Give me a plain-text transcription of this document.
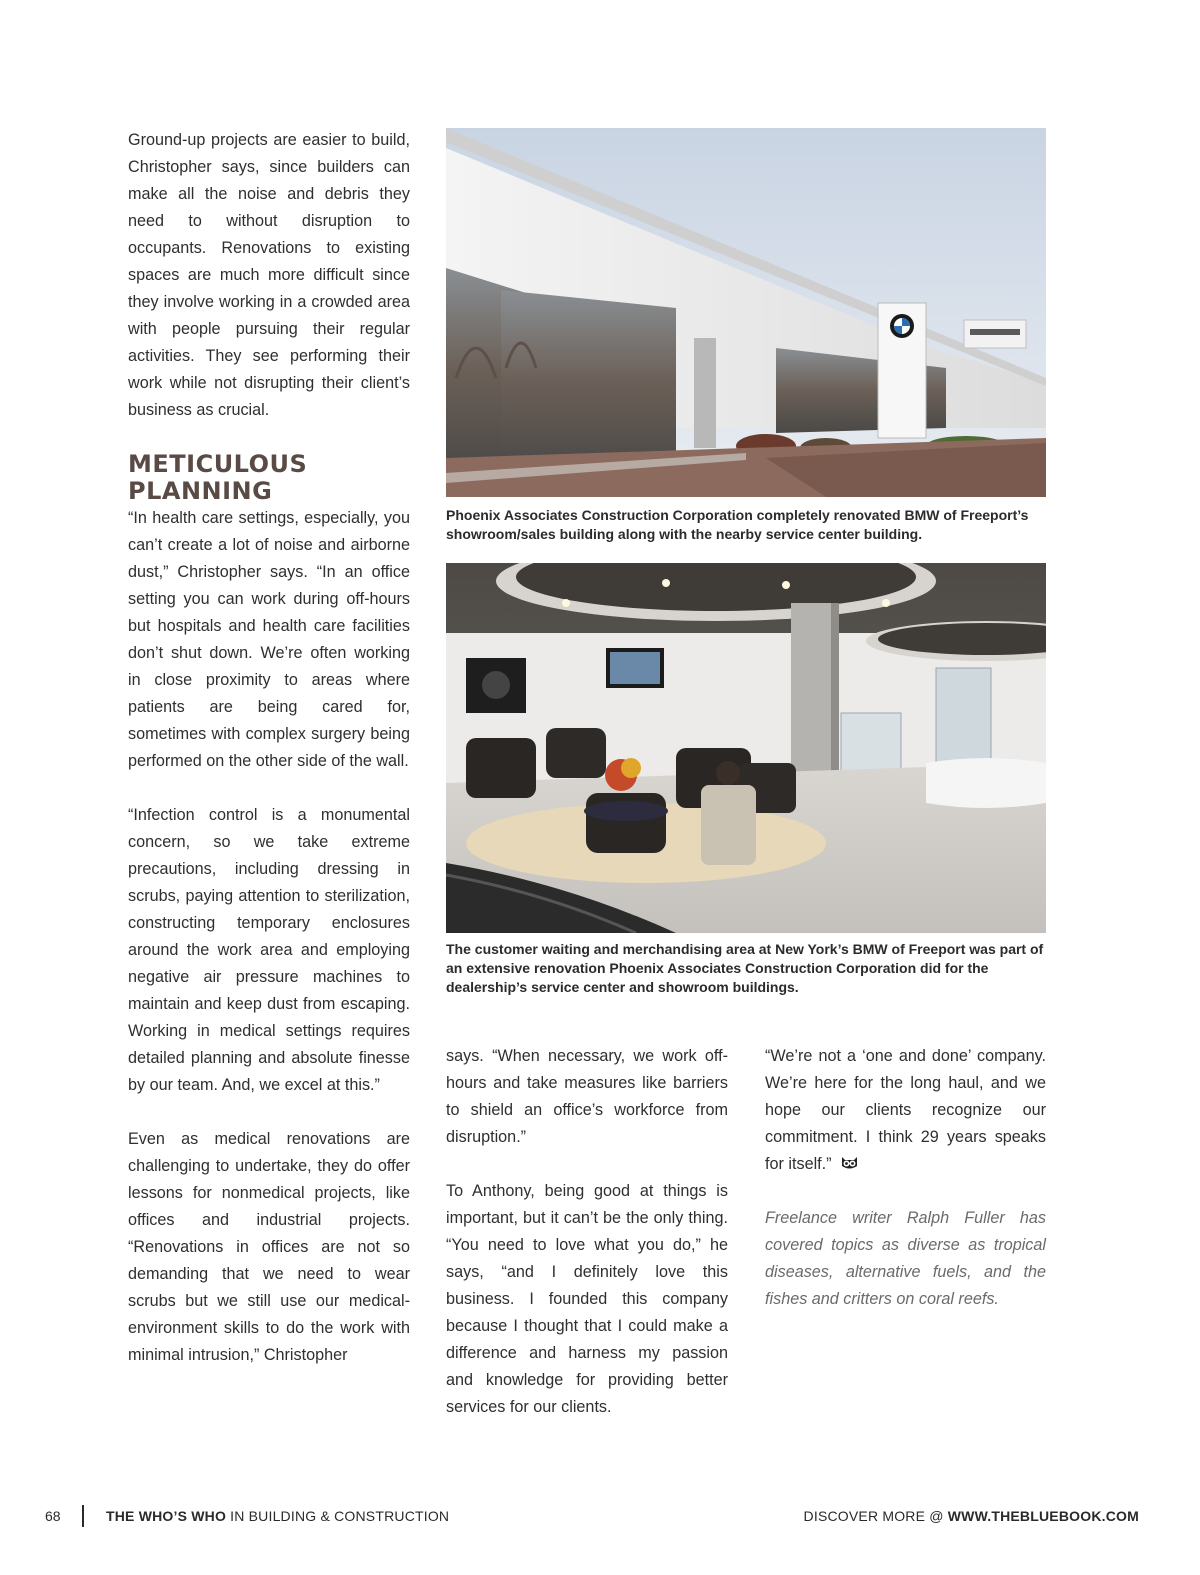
Ground-up projects are easier to build, Christopher says, since builders can make all the noise and debris they need to without disruption to occupants. Renovations to existing spaces are much more difficult since they involve working in a crowded area with people pursuing their regular activities. They see performing their work while not disrupting their client’s business as crucial.

METICULOUS
PLANNING

“In health care settings, especially, you can’t create a lot of noise and airborne dust,” Christopher says. “In an office setting you can work during off-hours but hospitals and health care facilities don’t shut down. We’re often working in close proximity to areas where patients are being cared for, sometimes with complex surgery being performed on the other side of the wall.

“Infection control is a monumental concern, so we take extreme precautions, including dressing in scrubs, paying attention to sterilization, constructing temporary enclosures around the work area and employing negative air pressure machines to maintain and keep dust from escaping. Working in medical settings requires detailed planning and absolute finesse by our team. And, we excel at this.”

Even as medical renovations are challenging to undertake, they do offer lessons for nonmedical projects, like offices and industrial projects. “Renovations in offices are not so demanding that we need to wear scrubs but we still use our medical-environment skills to do the work with minimal intrusion,” Christopher

Phoenix Associates Construction Corporation completely renovated BMW of Freeport’s showroom/sales building along with the nearby service center building.
The customer waiting and merchandising area at New York’s BMW of Freeport was part of an extensive renovation Phoenix Associates Construction Corporation did for the dealership’s service center and showroom buildings.

says. “When necessary, we work off-hours and take measures like barriers to shield an office’s workforce from disruption.”

To Anthony, being good at things is important, but it can’t be the only thing. “You need to love what you do,” he says, “and I definitely love this business. I founded this company because I thought that I could make a difference and harness my passion and knowledge for providing better services for our clients.

“We’re not a ‘one and done’ company. We’re here for the long haul, and we hope our clients recognize our commitment. I think 29 years speaks for itself.”

Freelance writer Ralph Fuller has covered topics as diverse as tropical diseases, alternative fuels, and the fishes and critters on coral reefs.

68	THE WHO’S WHO IN BUILDING & CONSTRUCTION	DISCOVER MORE @ WWW.THEBLUEBOOK.COM
